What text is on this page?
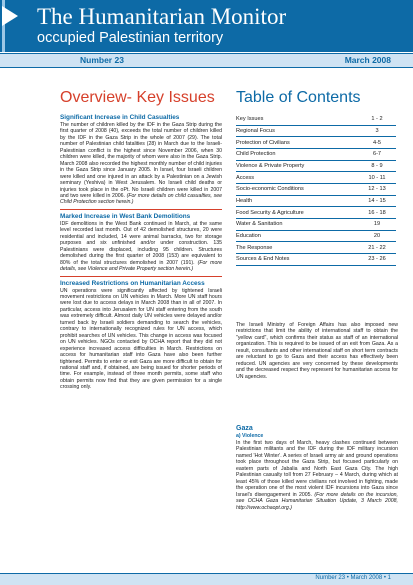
The Humanitarian Monitor
occupied Palestinian territory
Number 23	March 2008
Overview- Key Issues Table of Contents
Significant Increase in Child Casualties
The number of children killed by the IDF in the Gaza Strip during the first quarter of 2008 (40), exceeds the total number of children killed by the IDF in the Gaza Strip in the whole of 2007 (29). The total number of Palestinian child fatalities (28) in March due to the Israeli-Palestinian conflict is the highest since November 2006, when 30 children were killed, the majority of whom were also in the Gaza Strip. March 2008 also recorded the highest monthly number of child injuries in the Gaza Strip since January 2005. In Israel, four Israeli children were killed and one injured in an attack by a Palestinian on a Jewish seminary (Yeshiva) in West Jerusalem. No Israeli child deaths or injuries took place in the oPt. No Israeli children were killed in 2007 and two were killed in 2006. (For more details on child casualties, see Child Protection section herein.)
Marked Increase in West Bank Demolitions
IDF demolitions in the West Bank continued in March, at the same level recorded last month. Out of 42 demolished structures, 20 were residential and included, 14 were animal barracks, two for storage purposes and six unfinished and/or under construction. 135 Palestinians were displaced, including 95 children. Structures demolished during the first quarter of 2008 (153) are equivalent to 80% of the total structures demolished in 2007 (191). (For more details, see Violence and Private Property section herein.)
Increased Restrictions on Humanitarian Access
UN operations were significantly affected by tightened Israeli movement restrictions on UN vehicles in March. More UN staff hours were lost due to access delays in March 2008 than in all of 2007. In particular, access into Jerusalem for UN staff entering from the south was extremely difficult. Almost daily UN vehicles were delayed and/or turned back by Israeli soldiers demanding to search the vehicles, contrary to internationally recognized rules for UN access, which prohibit searches of UN vehicles. This change in access was focused on UN vehicles. NGOs contacted by OCHA report that they did not experience increased access difficulties in March. Restrictions on access for humanitarian staff into Gaza have also been further tightened. Permits to enter or exit Gaza are more difficult to obtain for national staff and, if obtained, are being issued for shorter periods of time. For example, instead of three month permits, some staff who obtain permits now find that they are given permission for a single crossing only.
Key Issues	1 - 2
Regional Focus	3
Protection of Civilians	4-5
Child Protection	6-7
Violence & Private Property	8 - 9
Access	10 - 11
Socio-economic Conditions	12 - 13
Health	14 - 15
Food Security & Agriculture	16 - 18
Water & Sanitation	19
Education	20
The Response	21 - 22
Sources & End Notes	23 - 26
The Israeli Ministry of Foreign Affairs has also imposed new restrictions that limit the ability of international staff to obtain the "yellow card", which confirms their status as staff of an international organization. This is required to be issued of an exit from Gaza. As a result, consultants and other international staff on short term contracts are reluctant to go to Gaza and their access has effectively been reduced. UN agencies are very concerned by these developments and the decreased respect they represent for humanitarian access for UN agencies.
Gaza
a) Violence
In the first two days of March, heavy clashes continued between Palestinian militants and the IDF during the IDF military incursion named 'Hot Winter'. A series of Israeli army air and ground operations took place throughout the Gaza Strip, but focused particularly on eastern parts of Jabalia and North East Gaza City. The high Palestinian casualty toll from 27 February – 4 March, during which at least 45% of those killed were civilians not involved in fighting, made the operation one of the most violent IDF incursions into Gaza since Israel's disengagement in 2005. (For more details on the incursion, see OCHA Gaza Humanitarian Situation Update, 3 March 2008, http://www.ochaopt.org.)
Number 23 • March 2008 • 1
